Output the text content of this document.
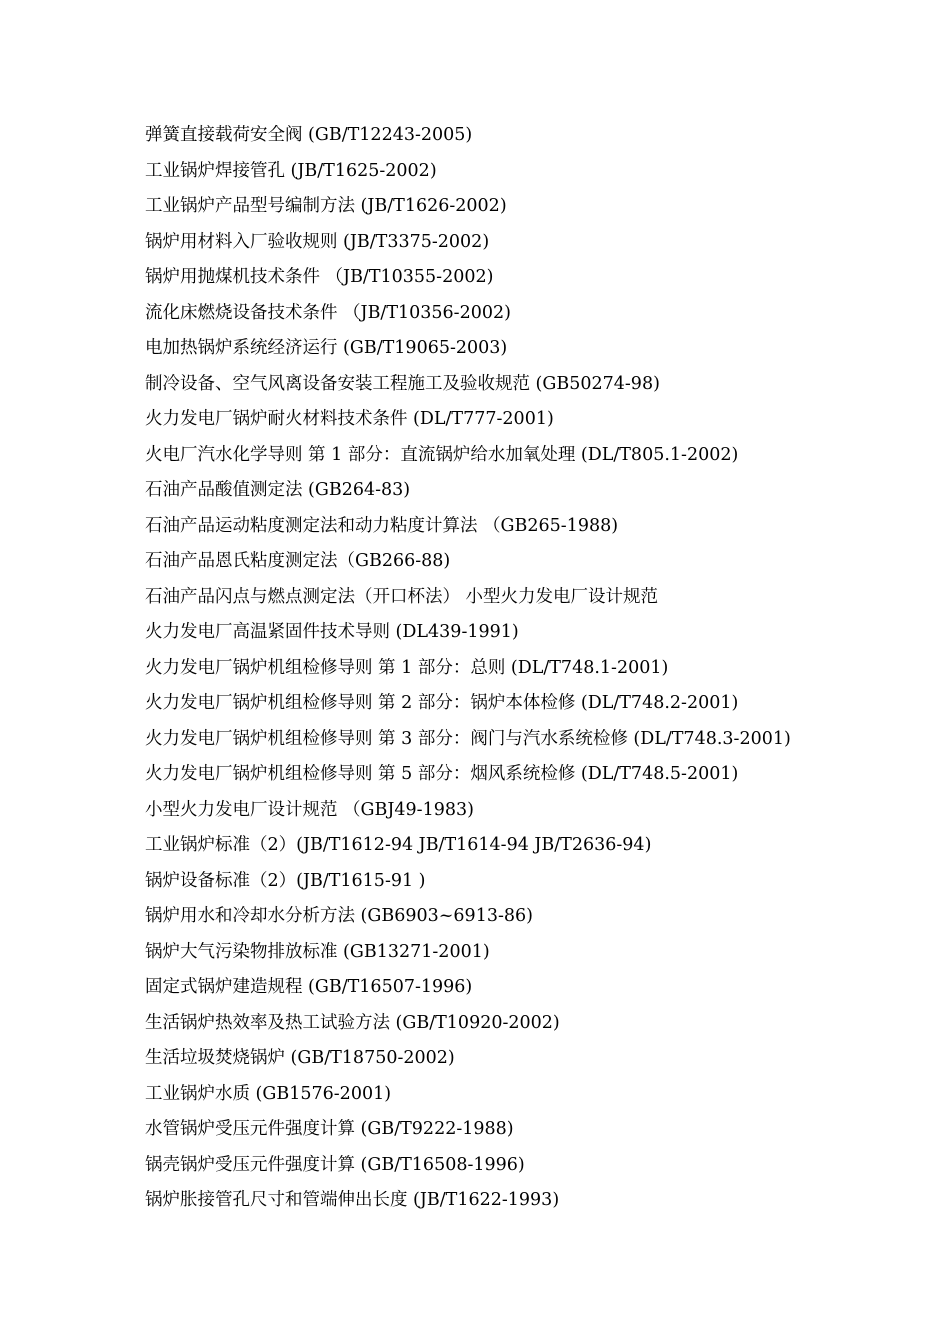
弹簧直接载荷安全阀 (GB/T12243-2005)
工业锅炉焊接管孔 (JB/T1625-2002)
工业锅炉产品型号编制方法 (JB/T1626-2002)
锅炉用材料入厂验收规则 (JB/T3375-2002)
锅炉用抛煤机技术条件 （JB/T10355-2002)
流化床燃烧设备技术条件 （JB/T10356-2002)
电加热锅炉系统经济运行 (GB/T19065-2003)
制冷设备、空气风离设备安装工程施工及验收规范 (GB50274-98)
火力发电厂锅炉耐火材料技术条件 (DL/T777-2001)
火电厂汽水化学导则 第 1 部分：直流锅炉给水加氧处理 (DL/T805.1-2002)
石油产品酸值测定法 (GB264-83)
石油产品运动粘度测定法和动力粘度计算法 （GB265-1988)
石油产品恩氏粘度测定法（GB266-88)
石油产品闪点与燃点测定法（开口杯法） 小型火力发电厂设计规范
火力发电厂高温紧固件技术导则 (DL439-1991)
火力发电厂锅炉机组检修导则 第 1 部分：总则 (DL/T748.1-2001)
火力发电厂锅炉机组检修导则 第 2 部分：锅炉本体检修 (DL/T748.2-2001)
火力发电厂锅炉机组检修导则 第 3 部分：阀门与汽水系统检修 (DL/T748.3-2001)
火力发电厂锅炉机组检修导则 第 5 部分：烟风系统检修 (DL/T748.5-2001)
小型火力发电厂设计规范 （GBJ49-1983)
工业锅炉标准（2）(JB/T1612-94 JB/T1614-94 JB/T2636-94)
锅炉设备标准（2）(JB/T1615-91 )
锅炉用水和冷却水分析方法 (GB6903~6913-86)
锅炉大气污染物排放标准 (GB13271-2001)
固定式锅炉建造规程 (GB/T16507-1996)
生活锅炉热效率及热工试验方法 (GB/T10920-2002)
生活垃圾焚烧锅炉 (GB/T18750-2002)
工业锅炉水质 (GB1576-2001)
水管锅炉受压元件强度计算 (GB/T9222-1988)
锅壳锅炉受压元件强度计算 (GB/T16508-1996)
锅炉胀接管孔尺寸和管端伸出长度 (JB/T1622-1993)
